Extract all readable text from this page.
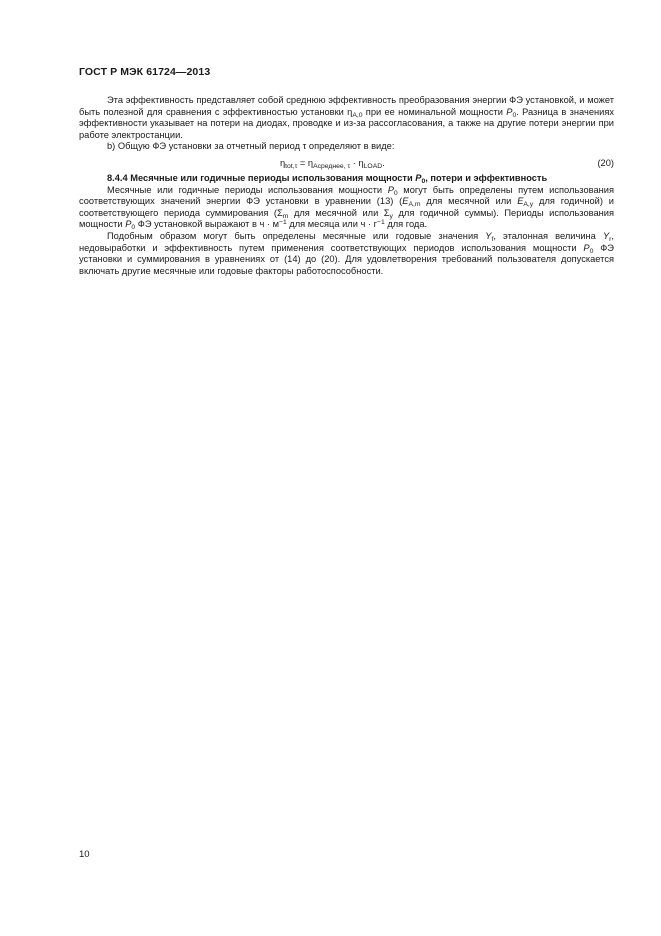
ГОСТ Р МЭК 61724—2013

Эта эффективность представляет собой среднюю эффективность преобразования энергии ФЭ установкой, и может быть полезной для сравнения с эффективностью установки $\eta_{A,0}$ при ее номинальной мощности $P_0$. Разница в значениях эффективности указывает на потери на диодах, проводке и из-за рассогласования, а также на другие потери энергии при работе электростанции.

b) Общую ФЭ установки за отчетный период τ определяют в виде:

$\eta_{tot,\tau} = \eta_{Aсреднее, \tau} \cdot \eta_{LOAD}$.	(20)

8.4.4 Месячные или годичные периоды использования мощности $P_0$, потери и эффективность

Месячные или годичные периоды использования мощности $P_0$ могут быть определены путем использования соответствующих значений энергии ФЭ установки в уравнении (13) ($E_{A,m}$ для месячной или $E_{A,y}$ для годичной) и соответствующего периода суммирования ($\Sigma_m$ для месячной или $\Sigma_y$ для годичной суммы). Периоды использования мощности $P_0$ ФЭ установкой выражают в $ч \cdot м^{-1}$ для месяца или $ч \cdot г^{-1}$ для года.

Подобным образом могут быть определены месячные или годовые значения $Y_f$, эталонная величина $Y_r$, недовыработки и эффективность путем применения соответствующих периодов использования мощности $P_0$ ФЭ установки и суммирования в уравнениях от (14) до (20). Для удовлетворения требований пользователя допускается включать другие месячные или годовые факторы работоспособности.

10
